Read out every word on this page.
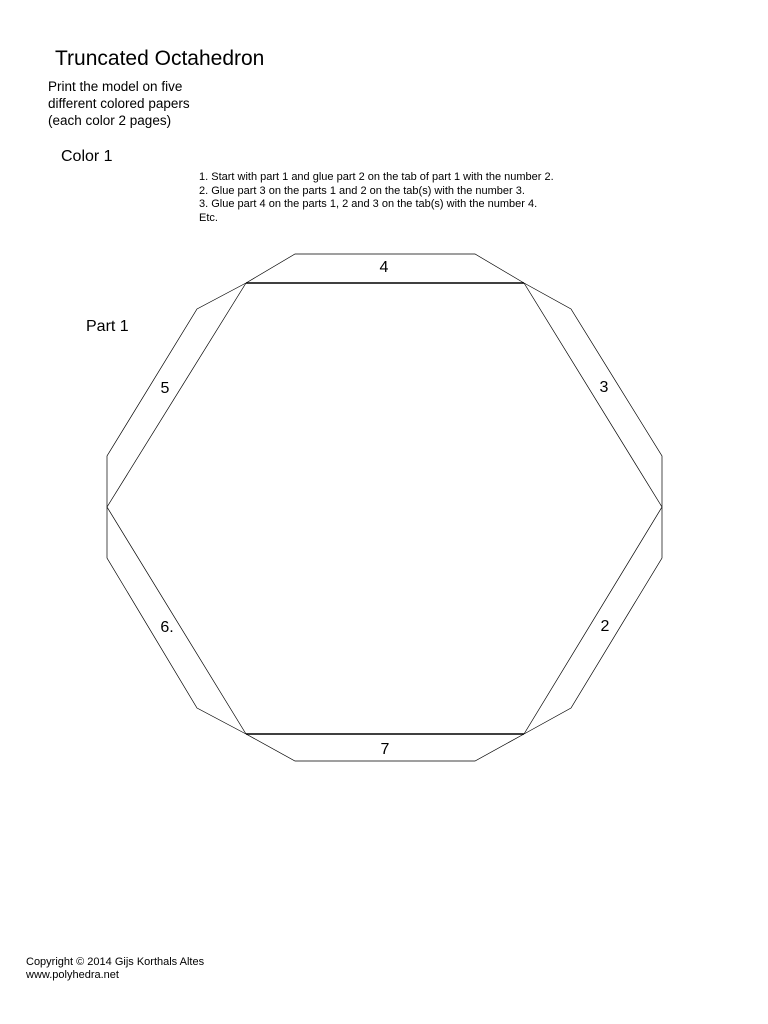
Truncated Octahedron
Print the model on five
different colored papers
(each color 2 pages)
Color 1
1. Start with part 1 and glue part 2 on the tab of part 1 with the number 2.
2. Glue part 3 on the parts 1 and 2 on the tab(s) with the number 3.
3. Glue part 4 on the parts 1, 2 and 3 on the tab(s) with the number 4.
Etc.
Part 1
4
3
2
7
6.
5
Copyright © 2014 Gijs Korthals Altes
www.polyhedra.net
